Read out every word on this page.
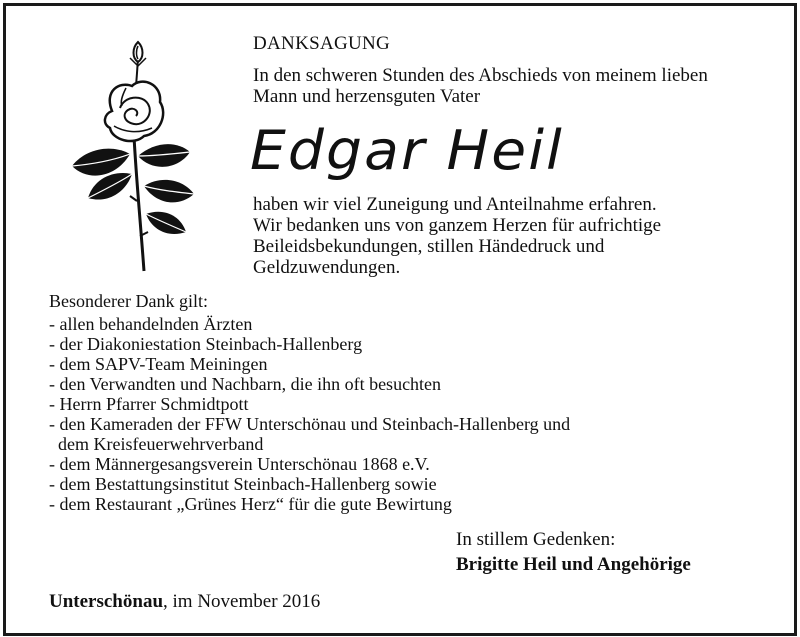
DANKSAGUNG
In den schweren Stunden des Abschieds von meinem lieben
Mann und herzensguten Vater
Edgar Heil
haben wir viel Zuneigung und Anteilnahme erfahren.
Wir bedanken uns von ganzem Herzen für aufrichtige
Beileidsbekundungen, stillen Händedruck und
Geldzuwendungen.
Besonderer Dank gilt:
- allen behandelnden Ärzten
- der Diakoniestation Steinbach-Hallenberg
- dem SAPV-Team Meiningen
- den Verwandten und Nachbarn, die ihn oft besuchten
- Herrn Pfarrer Schmidtpott
- den Kameraden der FFW Unterschönau und Steinbach-Hallenberg und
dem Kreisfeuerwehrverband
- dem Männergesangsverein Unterschönau 1868 e.V.
- dem Bestattungsinstitut Steinbach-Hallenberg sowie
- dem Restaurant „Grünes Herz“ für die gute Bewirtung
In stillem Gedenken:
Brigitte Heil und Angehörige
Unterschönau, im November 2016
